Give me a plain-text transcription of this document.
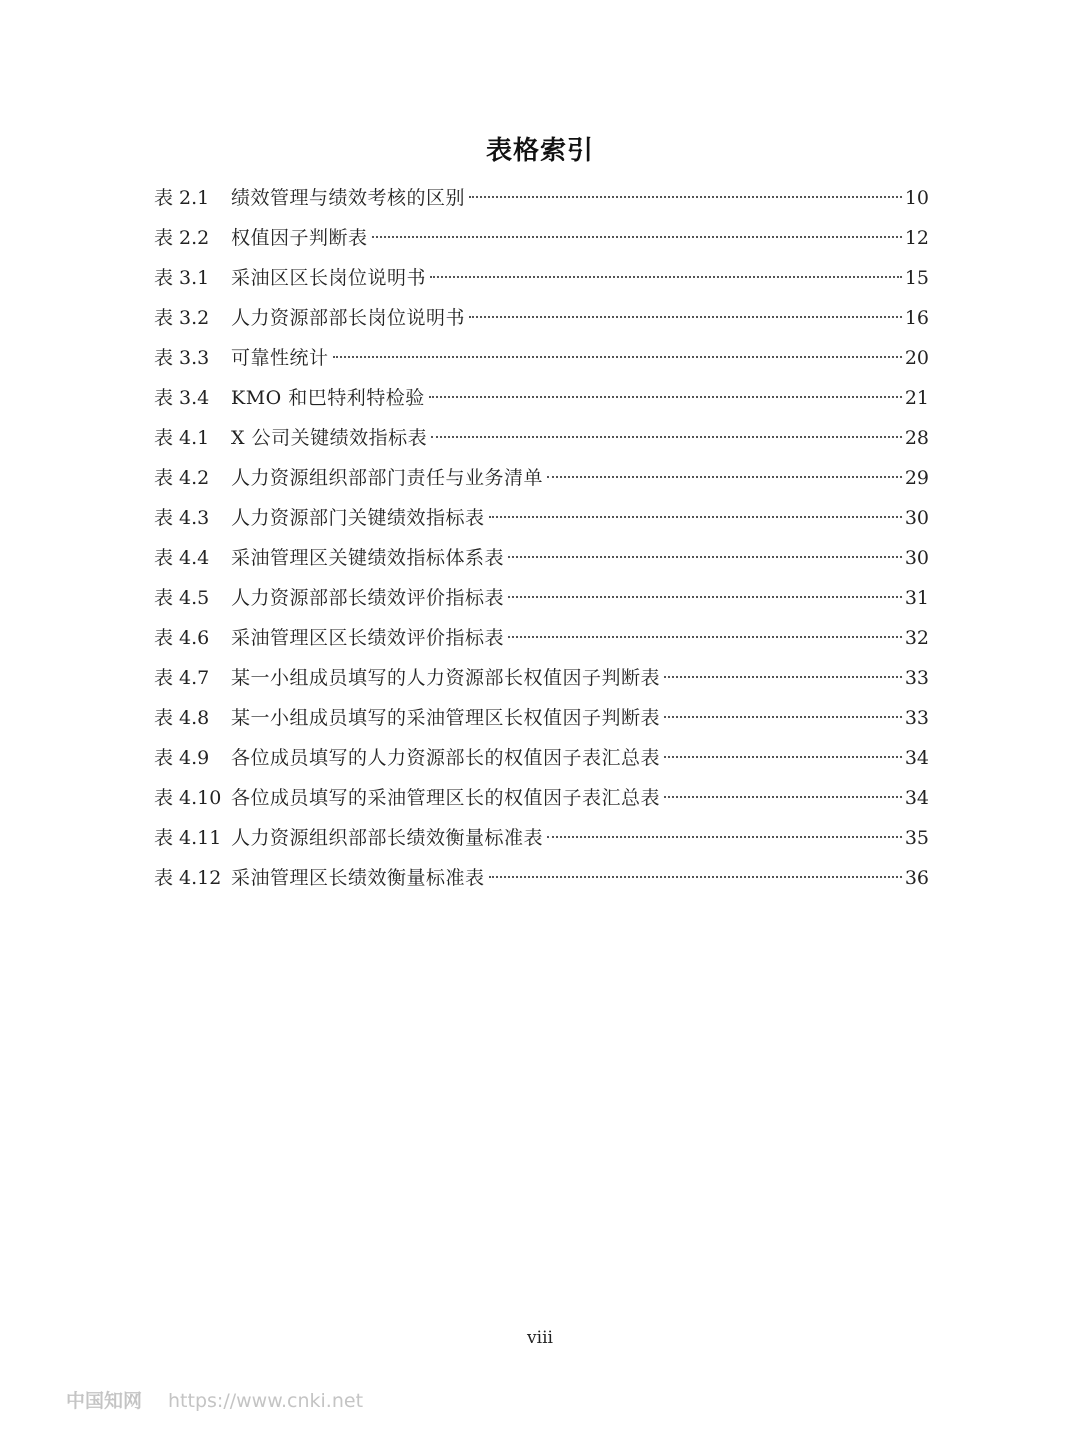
表格索引
表 2.1	绩效管理与绩效考核的区别	10
表 2.2	权值因子判断表	12
表 3.1	采油区区长岗位说明书	15
表 3.2	人力资源部部长岗位说明书	16
表 3.3	可靠性统计	20
表 3.4	KMO 和巴特利特检验	21
表 4.1	X 公司关键绩效指标表	28
表 4.2	人力资源组织部部门责任与业务清单	29
表 4.3	人力资源部门关键绩效指标表	30
表 4.4	采油管理区关键绩效指标体系表	30
表 4.5	人力资源部部长绩效评价指标表	31
表 4.6	采油管理区区长绩效评价指标表	32
表 4.7	某一小组成员填写的人力资源部长权值因子判断表	33
表 4.8	某一小组成员填写的采油管理区长权值因子判断表	33
表 4.9	各位成员填写的人力资源部长的权值因子表汇总表	34
表 4.10 各位成员填写的采油管理区长的权值因子表汇总表	34
表 4.11 人力资源组织部部长绩效衡量标准表	35
表 4.12 采油管理区长绩效衡量标准表	36
viii
中国知网 https://www.cnki.net
